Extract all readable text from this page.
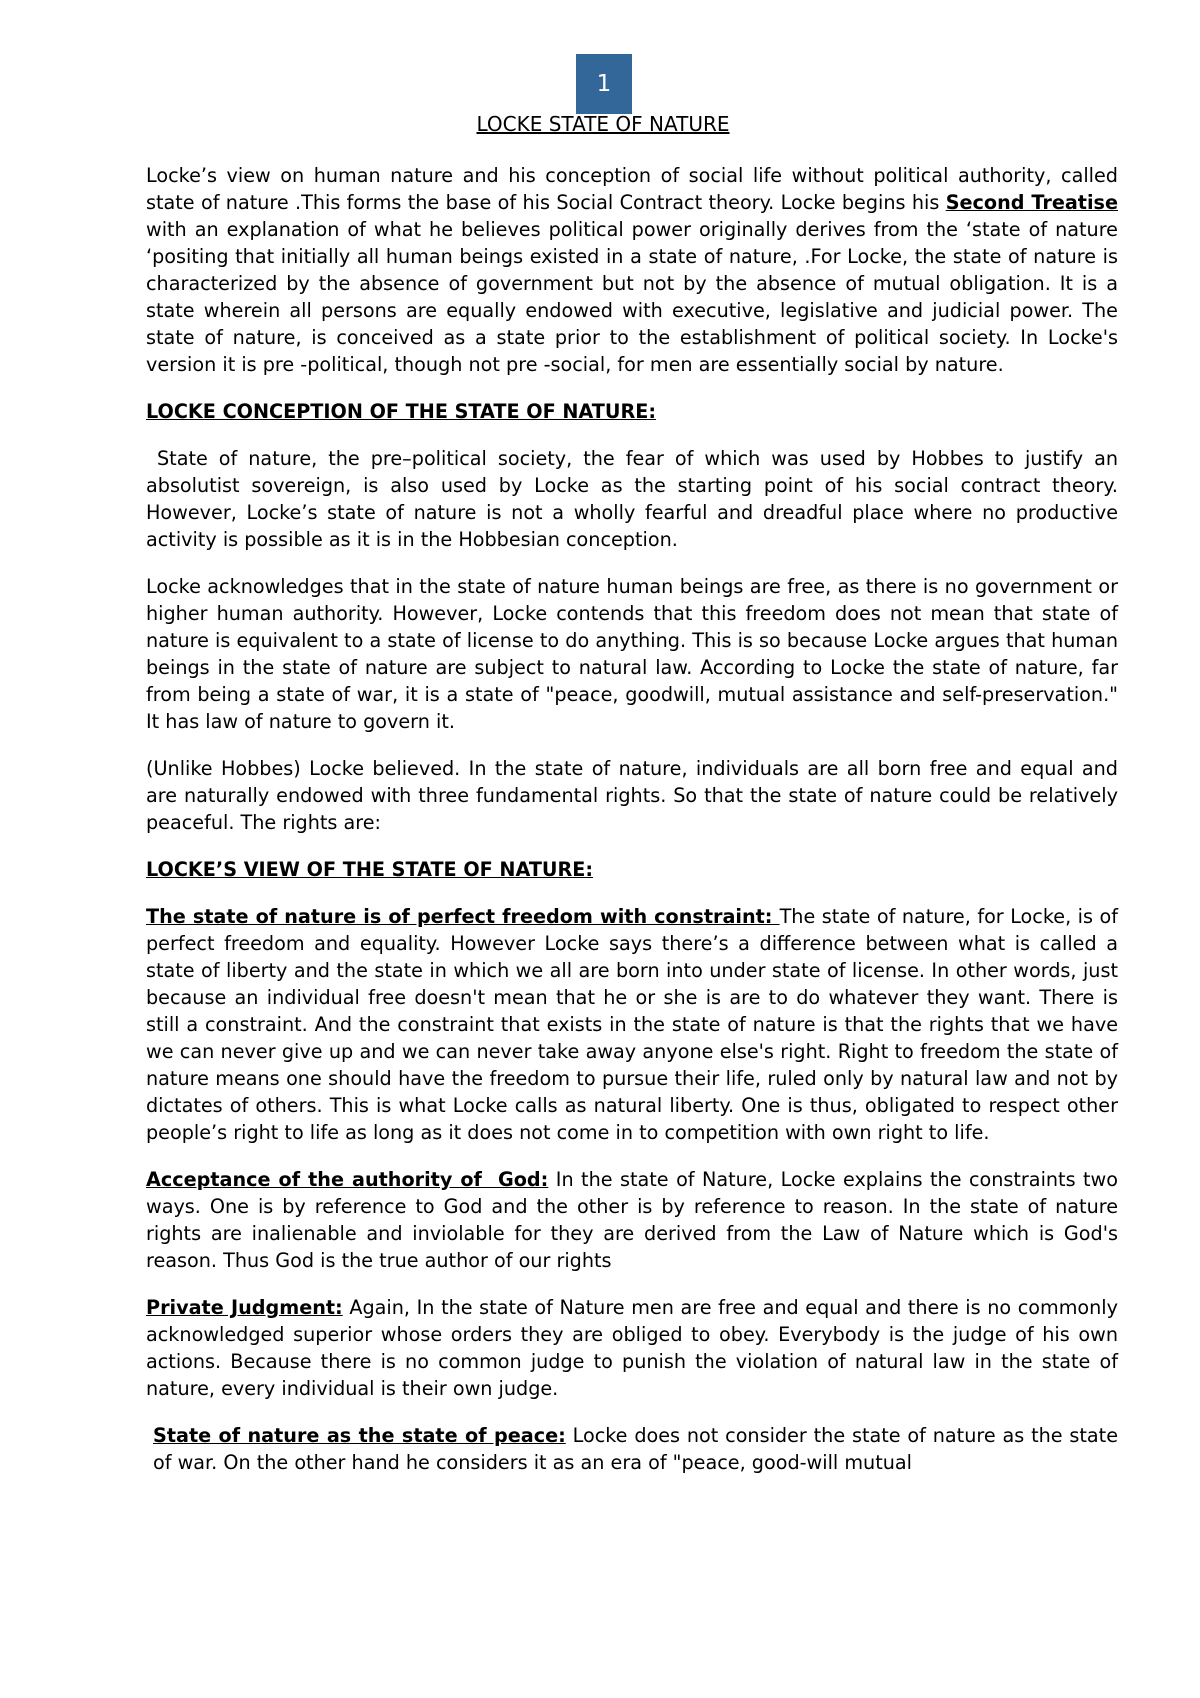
1
LOCKE STATE OF NATURE

Locke’s view on human nature and his conception of social life without political authority, called state of nature .This forms the base of his Social Contract theory. Locke begins his Second Treatise with an explanation of what he believes political power originally derives from the ‘state of nature ‘positing that initially all human beings existed in a state of nature, .For Locke, the state of nature is characterized by the absence of government but not by the absence of mutual obligation. It is a state wherein all persons are equally endowed with executive, legislative and judicial power. The state of nature, is conceived as a state prior to the establishment of political society. In Locke's version it is pre -political, though not pre -social, for men are essentially social by nature.

LOCKE CONCEPTION OF THE STATE OF NATURE:

State of nature, the pre–political society, the fear of which was used by Hobbes to justify an absolutist sovereign, is also used by Locke as the starting point of his social contract theory. However, Locke’s state of nature is not a wholly fearful and dreadful place where no productive activity is possible as it is in the Hobbesian conception.

Locke acknowledges that in the state of nature human beings are free, as there is no government or higher human authority. However, Locke contends that this freedom does not mean that state of nature is equivalent to a state of license to do anything. This is so because Locke argues that human beings in the state of nature are subject to natural law. According to Locke the state of nature, far from being a state of war, it is a state of "peace, goodwill, mutual assistance and self-preservation." It has law of nature to govern it.

(Unlike Hobbes) Locke believed. In the state of nature, individuals are all born free and equal and are naturally endowed with three fundamental rights. So that the state of nature could be relatively peaceful. The rights are:

LOCKE’S VIEW OF THE STATE OF NATURE:

The state of nature is of perfect freedom with constraint: The state of nature, for Locke, is of perfect freedom and equality. However Locke says there’s a difference between what is called a state of liberty and the state in which we all are born into under state of license. In other words, just because an individual free doesn't mean that he or she is are to do whatever they want. There is still a constraint. And the constraint that exists in the state of nature is that the rights that we have we can never give up and we can never take away anyone else's right. Right to freedom the state of nature means one should have the freedom to pursue their life, ruled only by natural law and not by dictates of others. This is what Locke calls as natural liberty. One is thus, obligated to respect other people’s right to life as long as it does not come in to competition with own right to life.

Acceptance of the authority of  God: In the state of Nature, Locke explains the constraints two ways. One is by reference to God and the other is by reference to reason. In the state of nature rights are inalienable and inviolable for they are derived from the Law of Nature which is God's reason. Thus God is the true author of our rights

Private Judgment: Again, In the state of Nature men are free and equal and there is no commonly acknowledged superior whose orders they are obliged to obey. Everybody is the judge of his own actions. Because there is no common judge to punish the violation of natural law in the state of nature, every individual is their own judge.

State of nature as the state of peace: Locke does not consider the state of nature as the state of war. On the other hand he considers it as an era of "peace, good-will mutual
